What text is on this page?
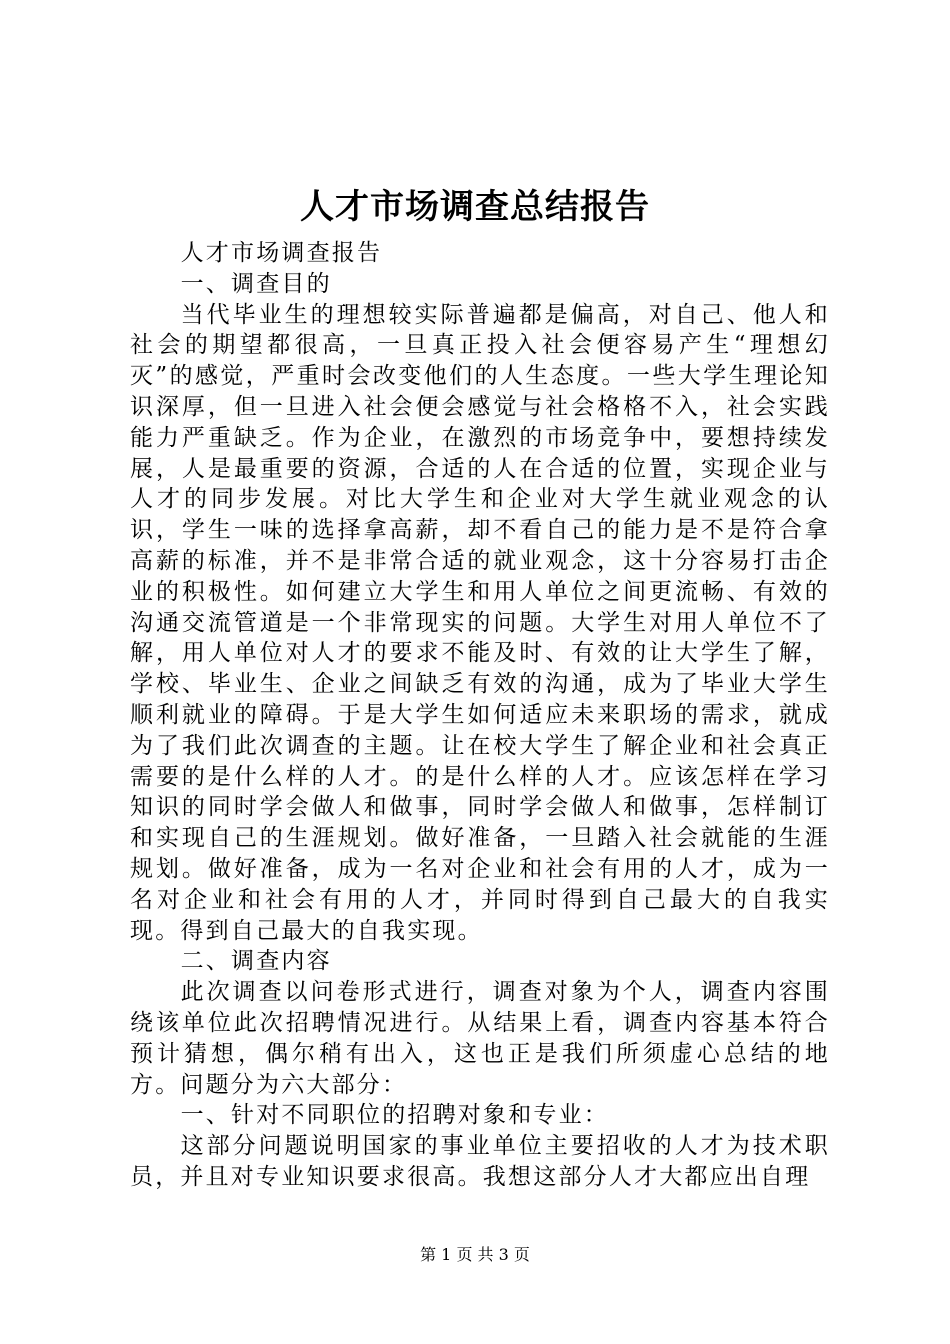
人才市场调查总结报告

人才市场调查报告

一、调查目的

当代毕业生的理想较实际普遍都是偏高，对自己、他人和社会的期望都很高，一旦真正投入社会便容易产生“理想幻灭”的感觉，严重时会改变他们的人生态度。一些大学生理论知识深厚，但一旦进入社会便会感觉与社会格格不入，社会实践能力严重缺乏。作为企业，在激烈的市场竞争中，要想持续发展，人是最重要的资源，合适的人在合适的位置，实现企业与人才的同步发展。对比大学生和企业对大学生就业观念的认识，学生一味的选择拿高薪，却不看自己的能力是不是符合拿高薪的标准，并不是非常合适的就业观念，这十分容易打击企业的积极性。如何建立大学生和用人单位之间更流畅、有效的沟通交流管道是一个非常现实的问题。大学生对用人单位不了解，用人单位对人才的要求不能及时、有效的让大学生了解，学校、毕业生、企业之间缺乏有效的沟通，成为了毕业大学生顺利就业的障碍。于是大学生如何适应未来职场的需求，就成为了我们此次调查的主题。让在校大学生了解企业和社会真正需要的是什么样的人才。的是什么样的人才。应该怎样在学习知识的同时学会做人和做事，同时学会做人和做事，怎样制订和实现自己的生涯规划。做好准备，一旦踏入社会就能的生涯规划。做好准备，成为一名对企业和社会有用的人才，成为一名对企业和社会有用的人才，并同时得到自己最大的自我实现。得到自己最大的自我实现。

二、调查内容

此次调查以问卷形式进行，调查对象为个人，调查内容围绕该单位此次招聘情况进行。从结果上看，调查内容基本符合预计猜想，偶尔稍有出入，这也正是我们所须虚心总结的地方。问题分为六大部分：

一、针对不同职位的招聘对象和专业：

这部分问题说明国家的事业单位主要招收的人才为技术职员，并且对专业知识要求很高。我想这部分人才大都应出自理

第 1 页 共 3 页
